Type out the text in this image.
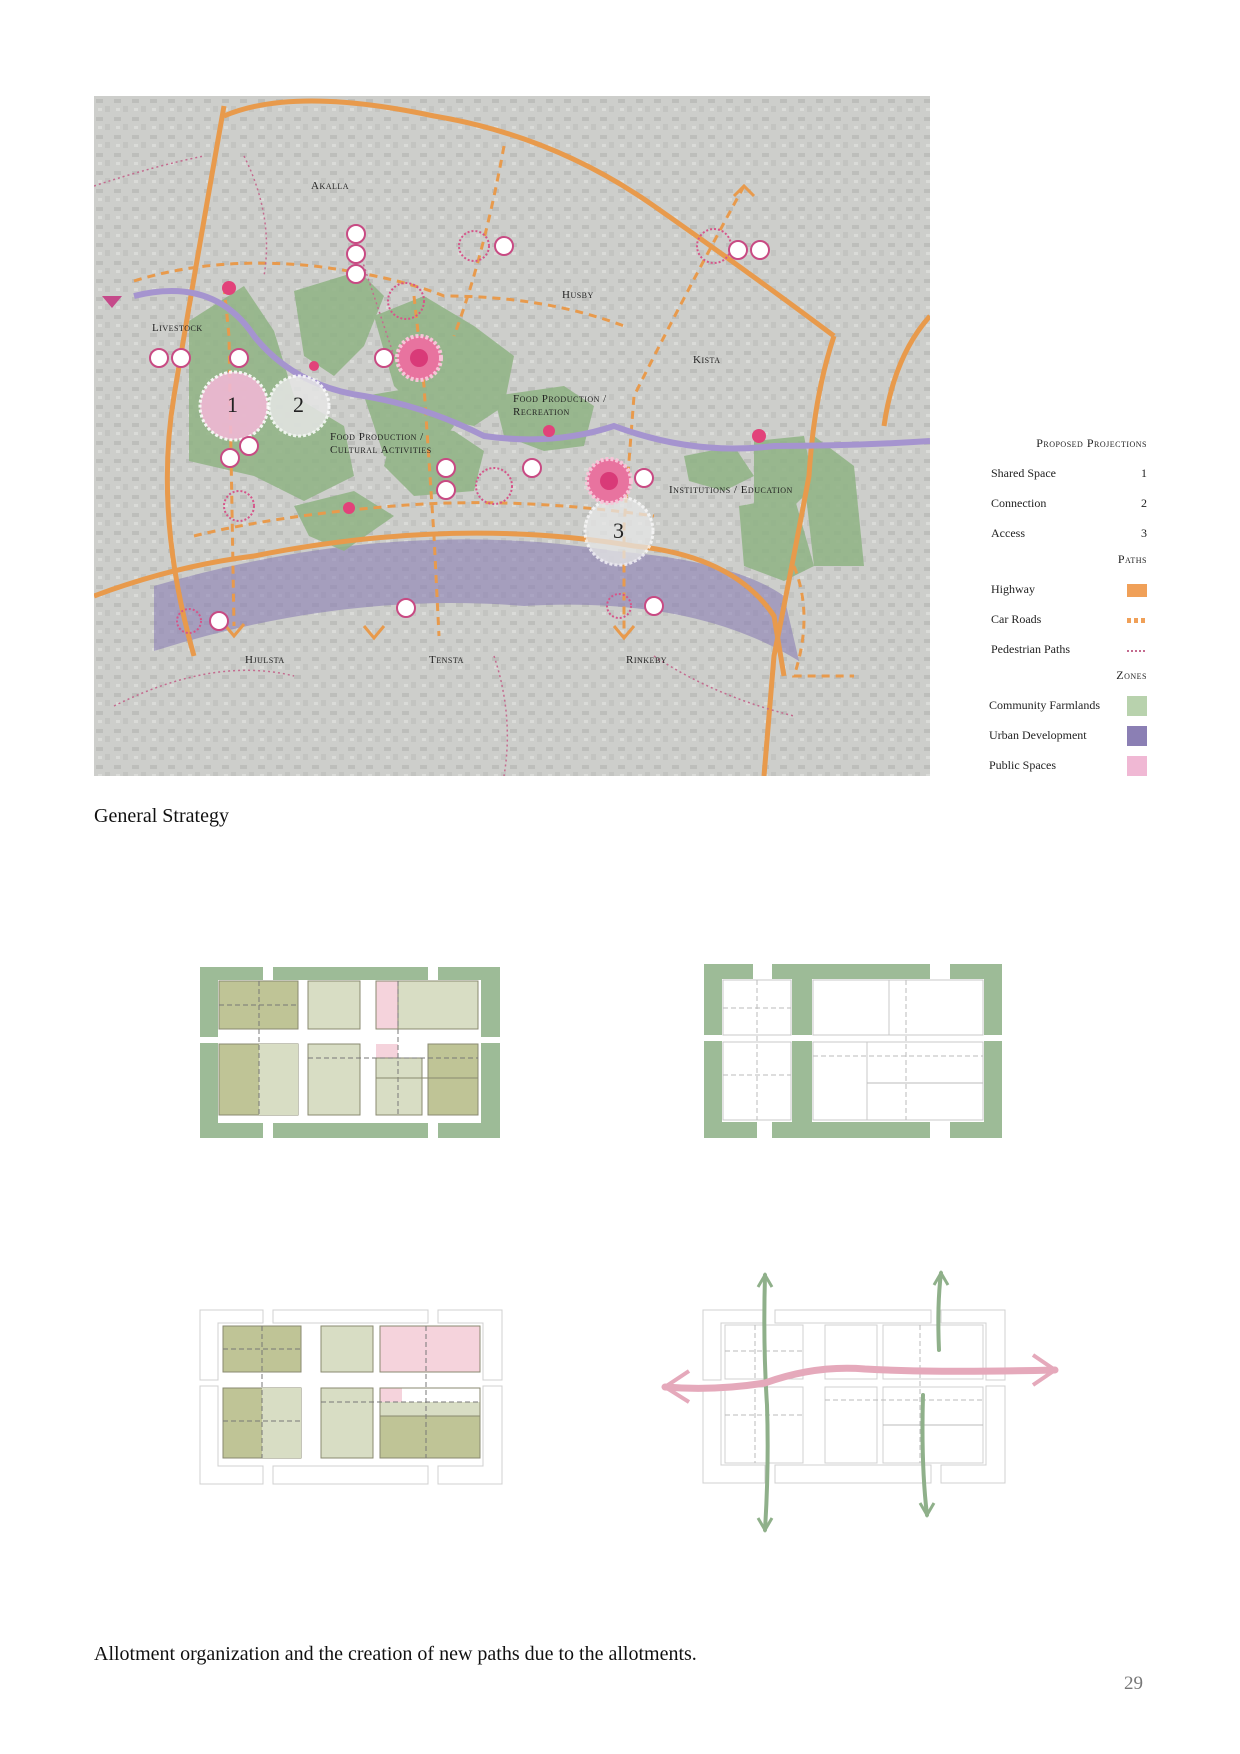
Akalla
Husby
Kista
Livestock
Food Production /
Recreation
Food Production /
Cultural Activities
Institutions / Education
Hjulsta	Tensta	Rinkeby
1	2
3
Proposed Projections
Shared Space	1
Connection	2
Access	3
Paths
Highway
Car Roads
Pedestrian Paths
Zones
Community Farmlands
Urban Development
Public Spaces
General Strategy
Allotment organization and the creation of new paths due to the allotments.
29
